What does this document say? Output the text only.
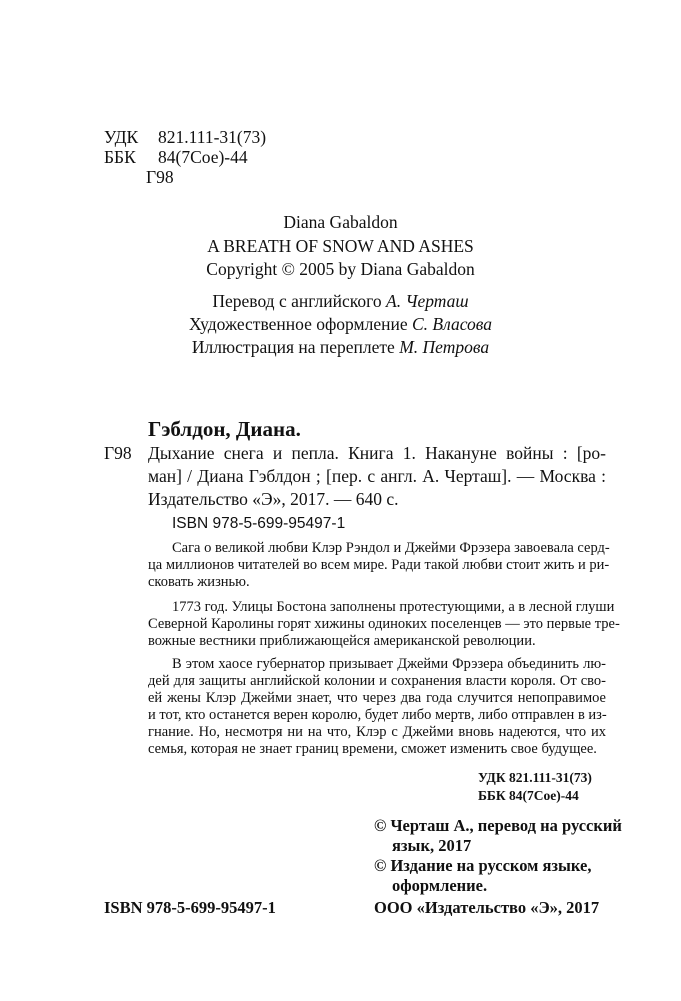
УДК 821.111-31(73)
ББК 84(7Сое)-44
Г98
Diana Gabaldon
A BREATH OF SNOW AND ASHES
Copyright © 2005 by Diana Gabaldon
Перевод с английского А. Черташ
Художественное оформление С. Власова
Иллюстрация на переплете М. Петрова
Гэблдон, Диана.
Г98 Дыхание снега и пепла. Книга 1. Накануне войны : [ро-
ман] / Диана Гэблдон ; [пер. с англ. А. Черташ]. — Москва :
Издательство «Э», 2017. — 640 с.
ISBN 978-5-699-95497-1
Сага о великой любви Клэр Рэндол и Джейми Фрэзера завоевала серд-
ца миллионов читателей во всем мире. Ради такой любви стоит жить и ри-
сковать жизнью.
1773 год. Улицы Бостона заполнены протестующими, а в лесной глуши
Северной Каролины горят хижины одиноких поселенцев — это первые тре-
вожные вестники приближающейся американской революции.
В этом хаосе губернатор призывает Джейми Фрэзера объединить лю-
дей для защиты английской колонии и сохранения власти короля. От сво-
ей жены Клэр Джейми знает, что через два года случится непоправимое
и тот, кто останется верен королю, будет либо мертв, либо отправлен в из-
гнание. Но, несмотря ни на что, Клэр с Джейми вновь надеются, что их
семья, которая не знает границ времени, сможет изменить свое будущее.
УДК 821.111-31(73)
ББК 84(7Сое)-44
© Черташ А., перевод на русский
язык, 2017
© Издание на русском языке,
оформление.
ООО «Издательство «Э», 2017
ISBN 978-5-699-95497-1
